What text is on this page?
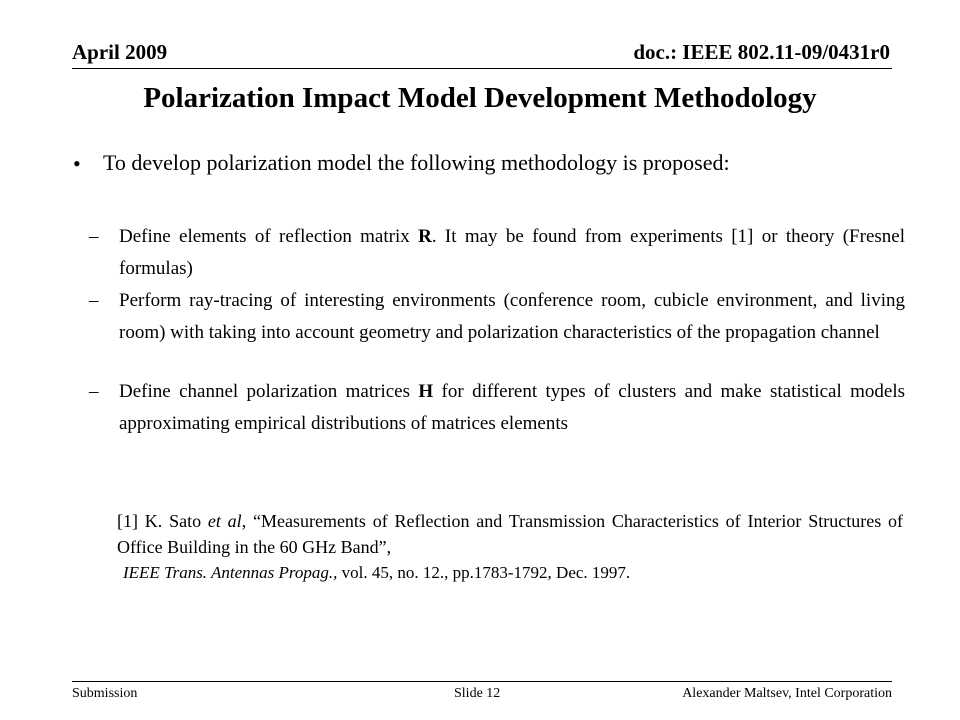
April 2009	doc.: IEEE 802.11-09/0431r0
Polarization Impact Model Development Methodology
• To develop polarization model the following methodology is proposed:
– Define elements of reflection matrix R. It may be found from experiments [1] or theory (Fresnel formulas)
– Perform ray-tracing of interesting environments (conference room, cubicle environment, and living room) with taking into account geometry and polarization characteristics of the propagation channel
– Define channel polarization matrices H for different types of clusters and make statistical models approximating empirical distributions of matrices elements
[1] K. Sato et al, “Measurements of Reflection and Transmission Characteristics of Interior Structures of Office Building in the 60 GHz Band”,
IEEE Trans. Antennas Propag., vol. 45, no. 12., pp.1783-1792, Dec. 1997.
Submission	Slide 12	Alexander Maltsev, Intel Corporation
